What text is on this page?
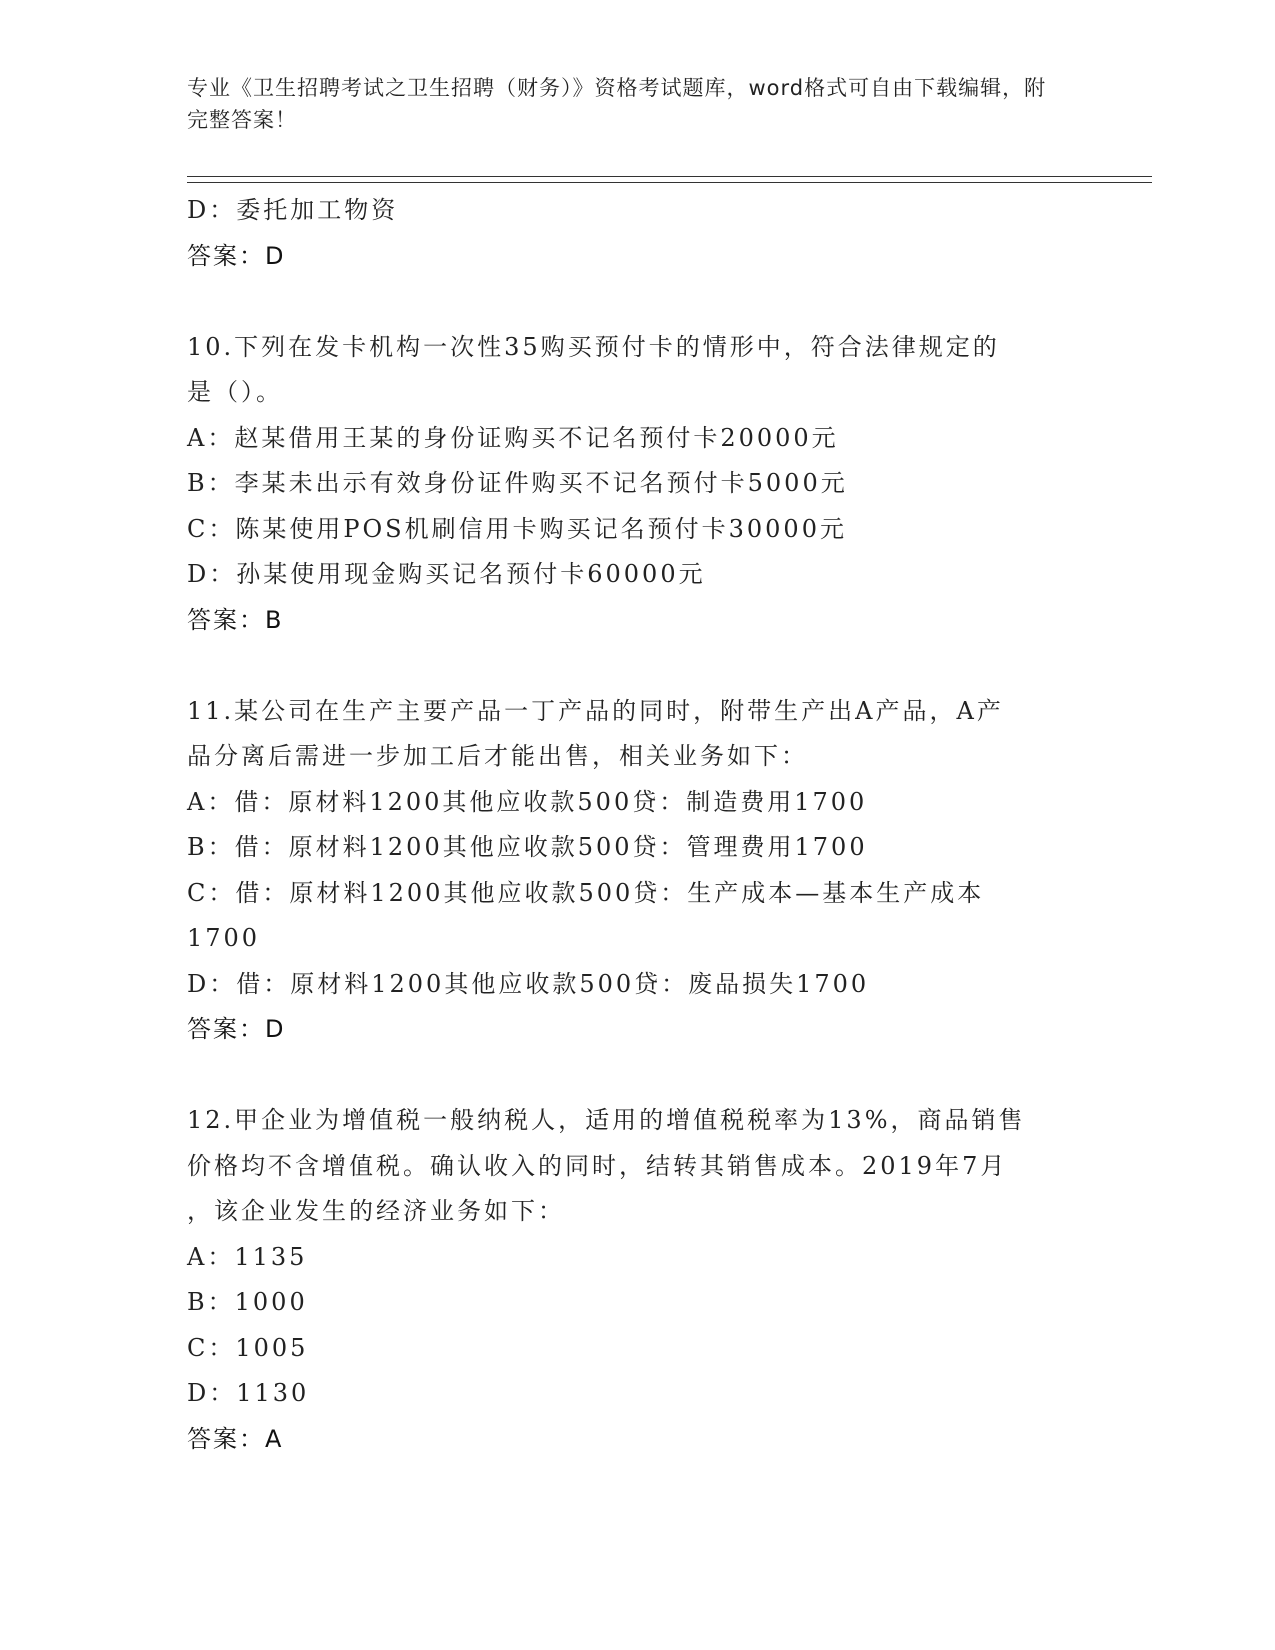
专业《卫生招聘考试之卫生招聘（财务）》资格考试题库，word格式可自由下载编辑，附完整答案！
D：委托加工物资
答案：D
10.下列在发卡机构一次性35购买预付卡的情形中，符合法律规定的
是（）。
A：赵某借用王某的身份证购买不记名预付卡20000元
B：李某未出示有效身份证件购买不记名预付卡5000元
C：陈某使用POS机刷信用卡购买记名预付卡30000元
D：孙某使用现金购买记名预付卡60000元
答案：B
11.某公司在生产主要产品一丁产品的同时，附带生产出A产品，A产
品分离后需进一步加工后才能出售，相关业务如下：
A：借：原材料1200其他应收款500贷：制造费用1700
B：借：原材料1200其他应收款500贷：管理费用1700
C：借：原材料1200其他应收款500贷：生产成本—基本生产成本
1700
D：借：原材料1200其他应收款500贷：废品损失1700
答案：D
12.甲企业为增值税一般纳税人，适用的增值税税率为13%，商品销售
价格均不含增值税。确认收入的同时，结转其销售成本。2019年7月
，该企业发生的经济业务如下：
A：1135
B：1000
C：1005
D：1130
答案：A
